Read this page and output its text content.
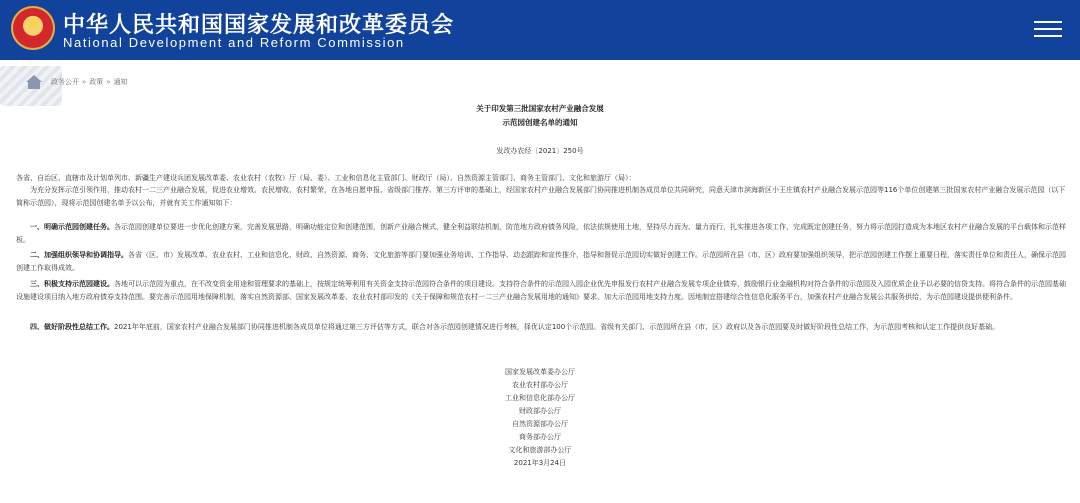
★	中华人民共和国国家发展和改革委员会
National Development and Reform Commission
政务公开 » 政策 » 通知
关于印发第三批国家农村产业融合发展
示范园创建名单的通知
发改办农经〔2021〕250号
各省、自治区、直辖市及计划单列市、新疆生产建设兵团发展改革委、农业农村（农牧）厅（局、委）、工业和信息化主管部门、财政厅（局）、自然资源主管部门、商务主管部门、文化和旅游厅（局）：
为充分发挥示范引领作用，推动农村一二三产业融合发展，促进农业增效、农民增收、农村繁荣，在各地自愿申报、省级部门推荐、第三方评审的基础上，经国家农村产业融合发展部门协同推进机制各成员单位共同研究，同意天津市滨海新区小王庄镇农村产业融合发展示范园等116个单位创建第三批国家农村产业融合发展示范园（以下简称示范园），现将示范园创建名单予以公布，并就有关工作通知如下：
一、明确示范园创建任务。各示范园创建单位要进一步优化创建方案，完善发展思路，明确功能定位和创建范围，创新产业融合模式，健全利益联结机制，防范地方政府债务风险，依法依规使用土地，坚持尽力而为、量力而行，扎实推进各项工作，完成既定创建任务，努力将示范园打造成为本地区农村产业融合发展的平台载体和示范样板。
二、加强组织领导和协调指导。各省（区、市）发展改革、农业农村、工业和信息化、财政、自然资源、商务、文化旅游等部门要加强业务培训、工作指导、动态跟踪和宣传推介，指导和督促示范园切实做好创建工作。示范园所在县（市、区）政府要加强组织领导，把示范园创建工作摆上重要日程，落实责任单位和责任人，确保示范园创建工作取得成效。
三、积极支持示范园建设。各地可以示范园为重点，在不改变资金用途和管理要求的基础上，按规定统筹利用有关资金支持示范园符合条件的项目建设。支持符合条件的示范园入园企业优先申报发行农村产业融合发展专项企业债券，鼓励银行业金融机构对符合条件的示范园及入园优质企业予以必要的信贷支持。将符合条件的示范园基础设施建设项目纳入地方政府债券支持范围。要完善示范园用地保障机制，落实自然资源部、国家发展改革委、农业农村部印发的《关于保障和规范农村一二三产业融合发展用地的通知》要求，加大示范园用地支持力度。因地制宜搭建综合性信息化服务平台，加强农村产业融合发展公共服务供给，为示范园建设提供便利条件。
四、做好阶段性总结工作。2021年年底前，国家农村产业融合发展部门协同推进机制各成员单位将通过第三方评估等方式，联合对各示范园创建情况进行考核，择优认定100个示范园。省级有关部门、示范园所在县（市、区）政府以及各示范园要及时做好阶段性总结工作，为示范园考核和认定工作提供良好基础。
国家发展改革委办公厅
农业农村部办公厅
工业和信息化部办公厅
财政部办公厅
自然资源部办公厅
商务部办公厅
文化和旅游部办公厅
2021年3月24日
